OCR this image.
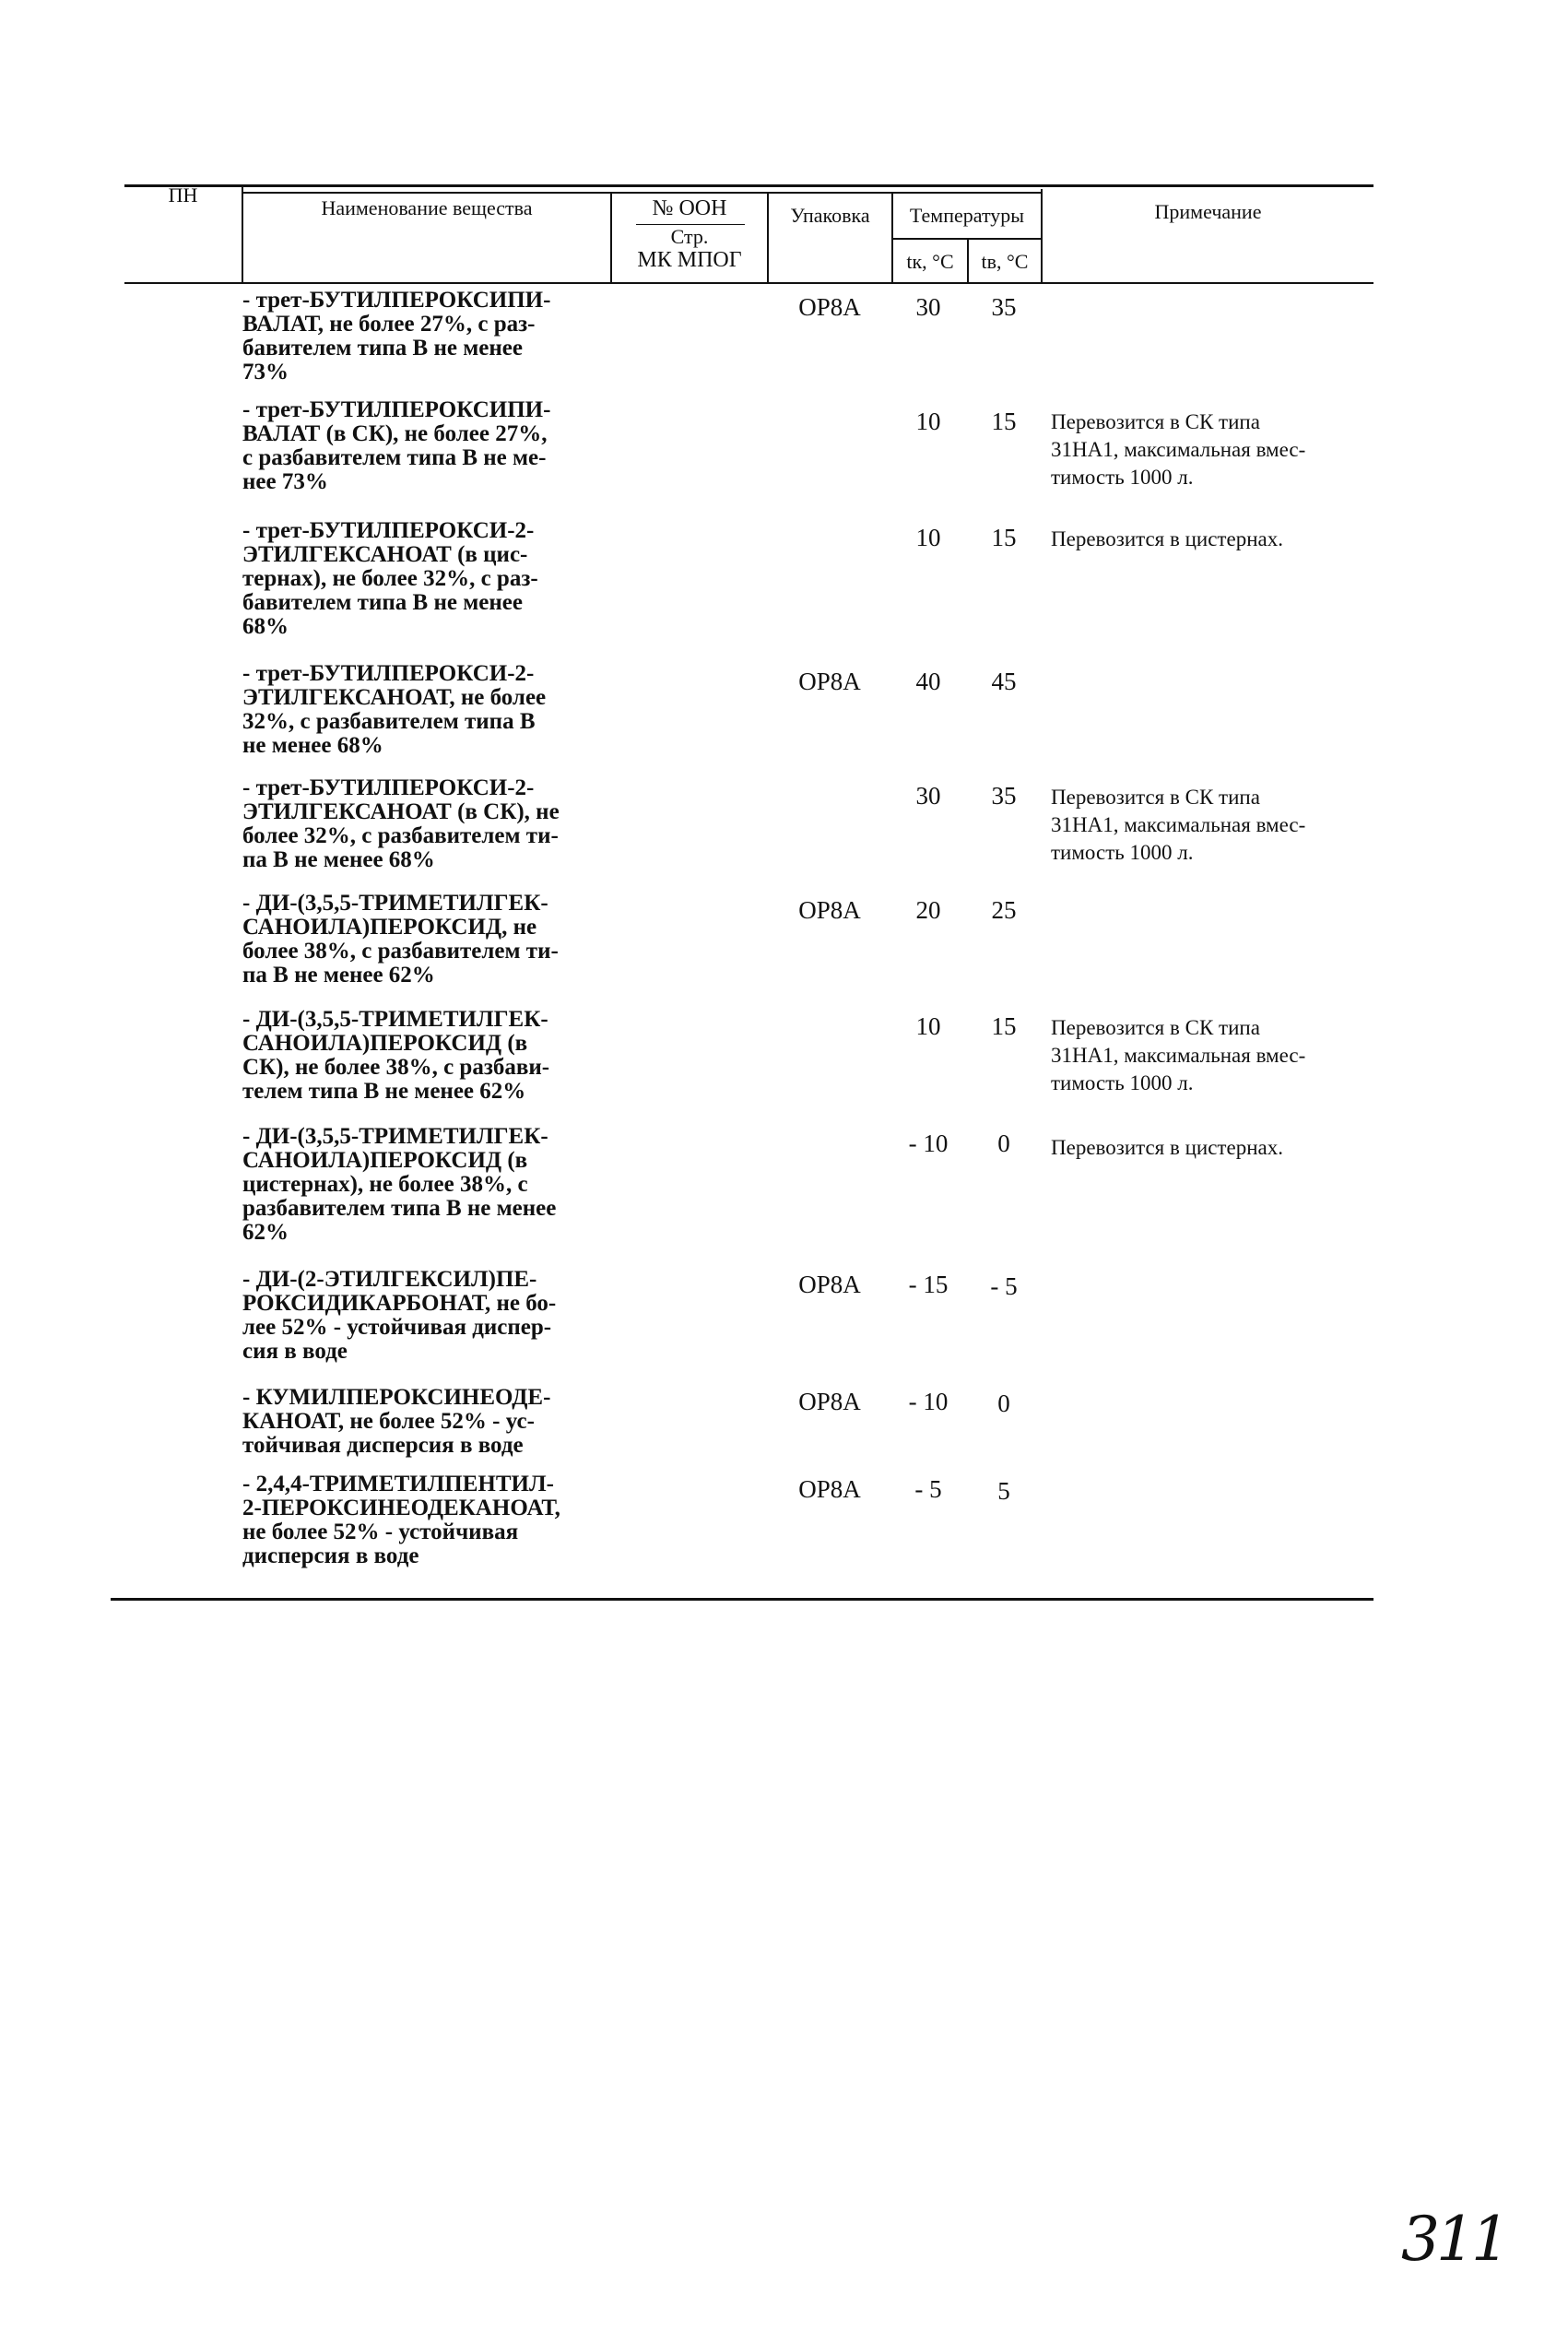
ПН
Наименование вещества	№ ООН
Стр.
МК МПОГ
Упаковка	Температуры
tк, °C	tв, °C
Примечание
- трет-БУТИЛПЕРОКСИПИ-
ВАЛАТ, не более 27%, с раз-
бавителем типа В не менее
73%
OP8A	30	35
- трет-БУТИЛПЕРОКСИПИ-
ВАЛАТ (в СК), не более 27%,
с разбавителем типа В не ме-
нее 73%
10	15	Перевозится в СК типа
31НА1, максимальная вмес-
тимость 1000 л.
- трет-БУТИЛПЕРОКСИ-2-
ЭТИЛГЕКСАНОАТ (в цис-
тернах), не более 32%, с раз-
бавителем типа В не менее
68%
10	15	Перевозится в цистернах.
- трет-БУТИЛПЕРОКСИ-2-
ЭТИЛГЕКСАНОАТ, не более
32%, с разбавителем типа В
не менее 68%
OP8A	40	45
- трет-БУТИЛПЕРОКСИ-2-
ЭТИЛГЕКСАНОАТ (в СК), не
более 32%, с разбавителем ти-
па В не менее 68%
30	35	Перевозится в СК типа
31НА1, максимальная вмес-
тимость 1000 л.
- ДИ-(3,5,5-ТРИМЕТИЛГЕК-
САНОИЛА)ПЕРОКСИД, не
более 38%, с разбавителем ти-
па В не менее 62%
OP8A	20	25
- ДИ-(3,5,5-ТРИМЕТИЛГЕК-
САНОИЛА)ПЕРОКСИД (в
СК), не более 38%, с разбави-
телем типа В не менее 62%
10	15	Перевозится в СК типа
31НА1, максимальная вмес-
тимость 1000 л.
- ДИ-(3,5,5-ТРИМЕТИЛГЕК-
САНОИЛА)ПЕРОКСИД (в
цистернах), не более 38%, с
разбавителем типа В не менее
62%
- 10	0	Перевозится в цистернах.
- ДИ-(2-ЭТИЛГЕКСИЛ)ПЕ-
РОКСИДИКАРБОНАТ, не бо-
лее 52% - устойчивая диспер-
сия в воде
OP8A	- 15	- 5
- КУМИЛПЕРОКСИНЕОДЕ-
КАНОАТ, не более 52% - ус-
тойчивая дисперсия в воде
OP8A	- 10	0
- 2,4,4-ТРИМЕТИЛПЕНТИЛ-
2-ПЕРОКСИНЕОДЕКАНОАТ,
не более 52% - устойчивая
дисперсия в воде
OP8A	- 5	5
311
